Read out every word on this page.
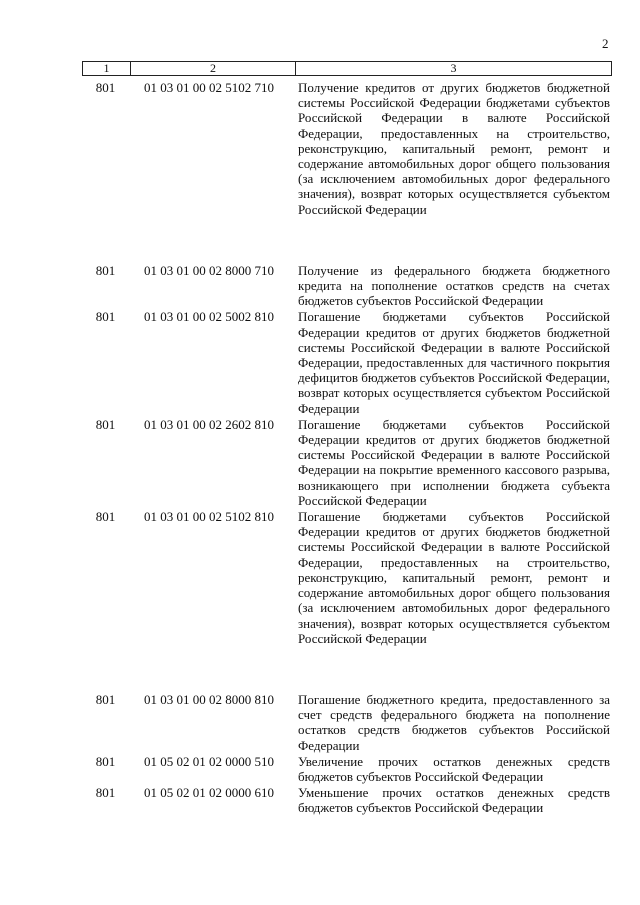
2
1	2	3
801	01 03 01 00 02 5102 710	Получение кредитов от других бюджетов бюджетной системы Российской Федерации бюджетами субъектов Российской Федерации в валюте Российской Федерации, предоставленных на строительство, реконструкцию, капитальный ремонт, ремонт и содержание автомобильных дорог общего пользования (за исключением автомобильных дорог федерального значения), возврат которых осуществляется субъектом Российской Федерации
801	01 03 01 00 02 8000 710	Получение из федерального бюджета бюджетного кредита на пополнение остатков средств на счетах бюджетов субъектов Российской Федерации
801	01 03 01 00 02 5002 810	Погашение бюджетами субъектов Российской Федерации кредитов от других бюджетов бюджетной системы Российской Федерации в валюте Российской Федерации, предоставленных для частичного покрытия дефицитов бюджетов субъектов Российской Федерации, возврат которых осуществляется субъектом Российской Федерации
801	01 03 01 00 02 2602 810	Погашение бюджетами субъектов Российской Федерации кредитов от других бюджетов бюджетной системы Российской Федерации в валюте Российской Федерации на покрытие временного кассового разрыва, возникающего при исполнении бюджета субъекта Российской Федерации
801	01 03 01 00 02 5102 810	Погашение бюджетами субъектов Российской Федерации кредитов от других бюджетов бюджетной системы Российской Федерации в валюте Российской Федерации, предоставленных на строительство, реконструкцию, капитальный ремонт, ремонт и содержание автомобильных дорог общего пользования (за исключением автомобильных дорог федерального значения), возврат которых осуществляется субъектом Российской Федерации
801	01 03 01 00 02 8000 810	Погашение бюджетного кредита, предоставленного за счет средств федерального бюджета на пополнение остатков средств бюджетов субъектов Российской Федерации
801	01 05 02 01 02 0000 510	Увеличение прочих остатков денежных средств бюджетов субъектов Российской Федерации
801	01 05 02 01 02 0000 610	Уменьшение прочих остатков денежных средств бюджетов субъектов Российской Федерации
